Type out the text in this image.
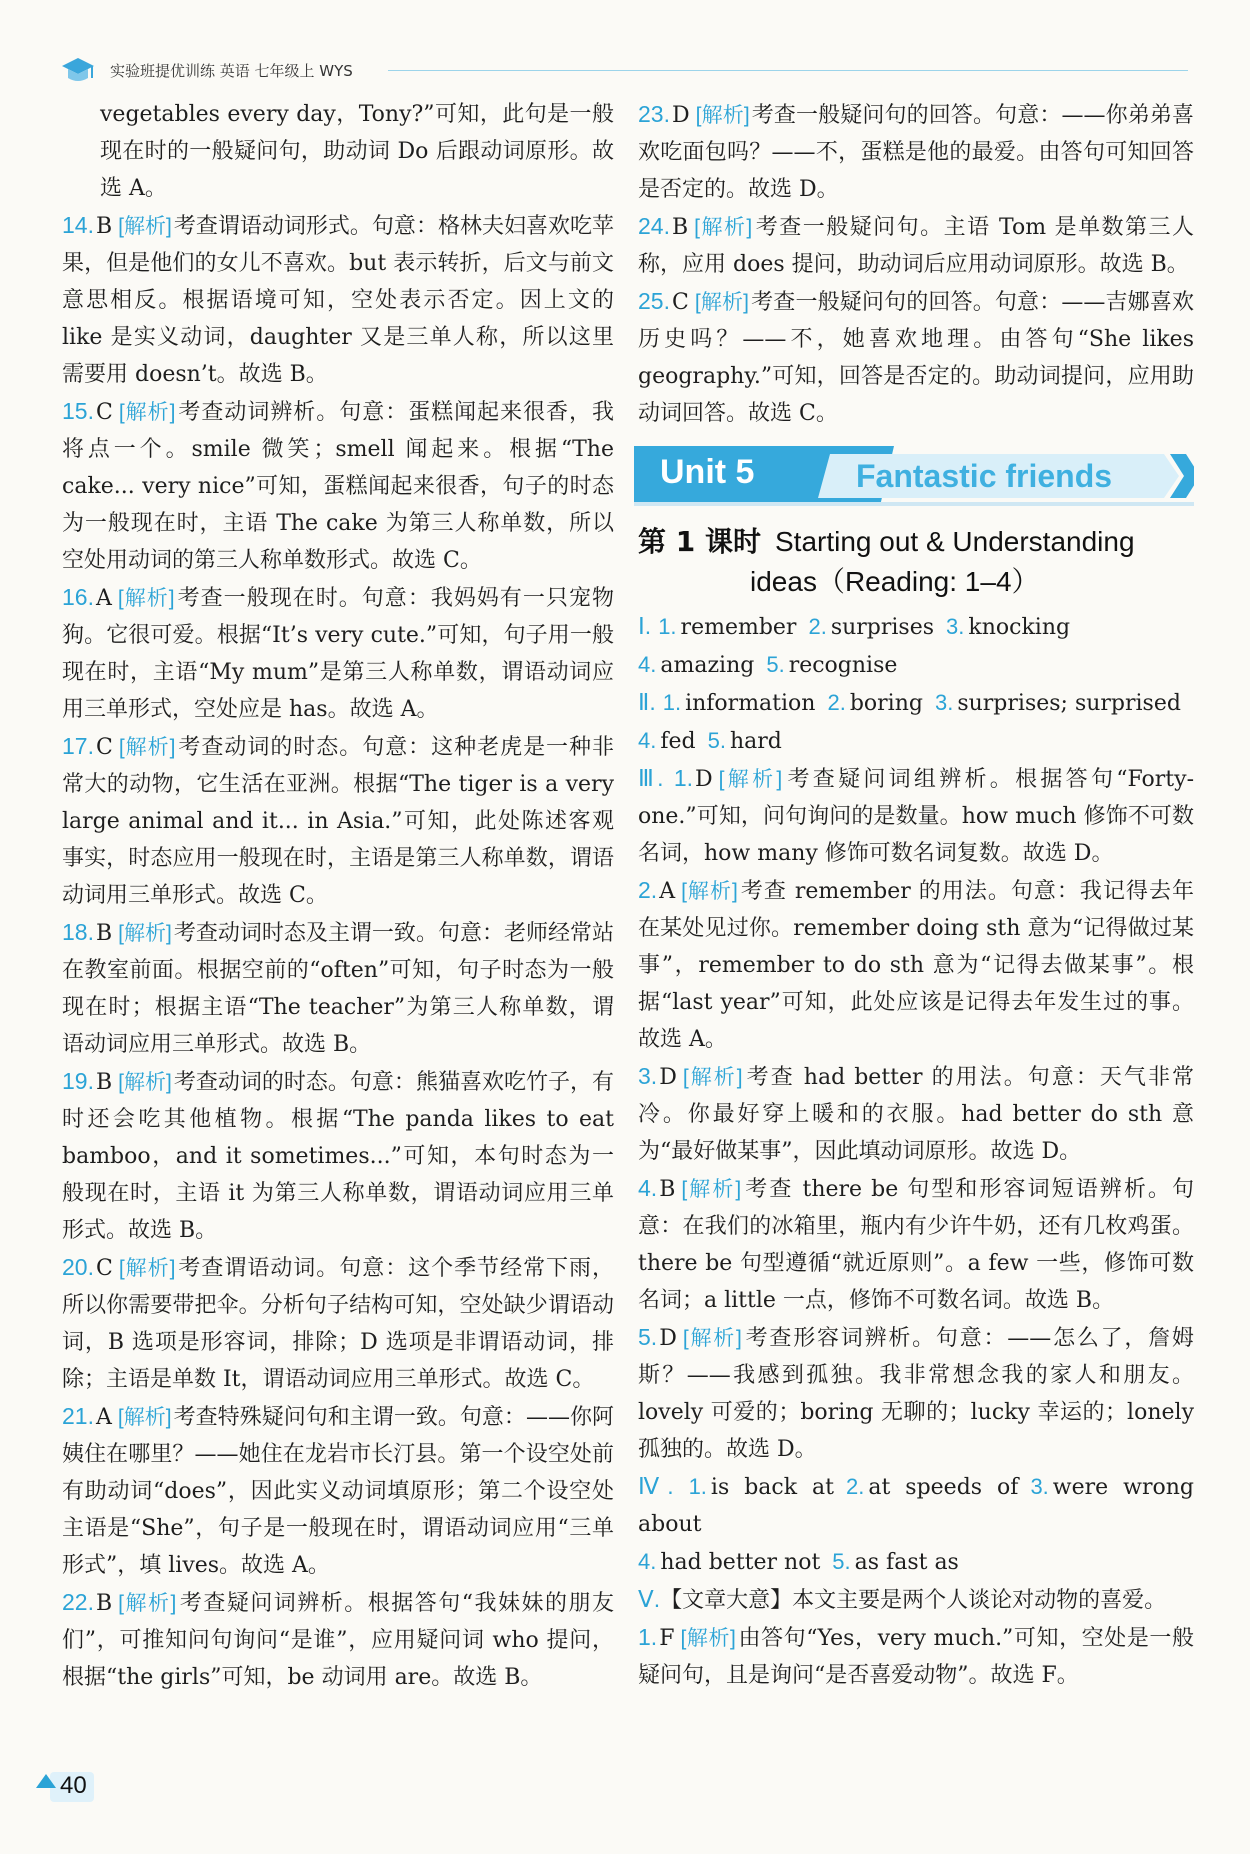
实验班提优训练 英语 七年级上 WYS

vegetables every day，Tony?”可知，此句是一般现在时的一般疑问句，助动词 Do 后跟动词原形。故选 A。

14.B [解析]考查谓语动词形式。句意：格林夫妇喜欢吃苹果，但是他们的女儿不喜欢。but 表示转折，后文与前文意思相反。根据语境可知，空处表示否定。因上文的 like 是实义动词，daughter 又是三单人称，所以这里需要用 doesn’t。故选 B。

15.C [解析]考查动词辨析。句意：蛋糕闻起来很香，我将点一个。smile 微笑；smell 闻起来。根据“The cake... very nice”可知，蛋糕闻起来很香，句子的时态为一般现在时，主语 The cake 为第三人称单数，所以空处用动词的第三人称单数形式。故选 C。

16.A [解析]考查一般现在时。句意：我妈妈有一只宠物狗。它很可爱。根据“It’s very cute.”可知，句子用一般现在时，主语“My mum”是第三人称单数，谓语动词应用三单形式，空处应是 has。故选 A。

17.C [解析]考查动词的时态。句意：这种老虎是一种非常大的动物，它生活在亚洲。根据“The tiger is a very large animal and it... in Asia.”可知，此处陈述客观事实，时态应用一般现在时，主语是第三人称单数，谓语动词用三单形式。故选 C。

18.B [解析]考查动词时态及主谓一致。句意：老师经常站在教室前面。根据空前的“often”可知，句子时态为一般现在时；根据主语“The teacher”为第三人称单数，谓语动词应用三单形式。故选 B。

19.B [解析]考查动词的时态。句意：熊猫喜欢吃竹子，有时还会吃其他植物。根据“The panda likes to eat bamboo，and it sometimes...”可知，本句时态为一般现在时，主语 it 为第三人称单数，谓语动词应用三单形式。故选 B。

20.C [解析]考查谓语动词。句意：这个季节经常下雨，所以你需要带把伞。分析句子结构可知，空处缺少谓语动词，B 选项是形容词，排除；D 选项是非谓语动词，排除；主语是单数 It，谓语动词应用三单形式。故选 C。

21.A [解析]考查特殊疑问句和主谓一致。句意：——你阿姨住在哪里？——她住在龙岩市长汀县。第一个设空处前有助动词“does”，因此实义动词填原形；第二个设空处主语是“She”，句子是一般现在时，谓语动词应用“三单形式”，填 lives。故选 A。

22.B [解析]考查疑问词辨析。根据答句“我妹妹的朋友们”，可推知问句询问“是谁”，应用疑问词 who 提问，根据“the girls”可知，be 动词用 are。故选 B。

23.D [解析]考查一般疑问句的回答。句意：——你弟弟喜欢吃面包吗？——不，蛋糕是他的最爱。由答句可知回答是否定的。故选 D。

24.B [解析]考查一般疑问句。主语 Tom 是单数第三人称，应用 does 提问，助动词后应用动词原形。故选 B。

25.C [解析]考查一般疑问句的回答。句意：——吉娜喜欢历史吗？——不，她喜欢地理。由答句“She likes geography.”可知，回答是否定的。助动词提问，应用助动词回答。故选 C。

Unit 5	Fantastic friends
第 1 课时 Starting out & Understanding
ideas（Reading: 1–4）

Ⅰ. 1. remember 2. surprises 3. knocking

4. amazing 5. recognise

Ⅱ. 1. information 2. boring 3. surprises; surprised

4. fed 5. hard

Ⅲ. 1.D [解析]考查疑问词组辨析。根据答句“Forty-one.”可知，问句询问的是数量。how much 修饰不可数名词，how many 修饰可数名词复数。故选 D。

2.A [解析]考查 remember 的用法。句意：我记得去年在某处见过你。remember doing sth 意为“记得做过某事”，remember to do sth 意为“记得去做某事”。根据“last year”可知，此处应该是记得去年发生过的事。故选 A。

3.D [解析]考查 had better 的用法。句意：天气非常冷。你最好穿上暖和的衣服。had better do sth 意为“最好做某事”，因此填动词原形。故选 D。

4.B [解析]考查 there be 句型和形容词短语辨析。句意：在我们的冰箱里，瓶内有少许牛奶，还有几枚鸡蛋。there be 句型遵循“就近原则”。a few 一些，修饰可数名词；a little 一点，修饰不可数名词。故选 B。

5.D [解析]考查形容词辨析。句意：——怎么了，詹姆斯？——我感到孤独。我非常想念我的家人和朋友。lovely 可爱的；boring 无聊的；lucky 幸运的；lonely 孤独的。故选 D。

Ⅳ. 1. is back at 2. at speeds of 3. were wrong about

4. had better not 5. as fast as

Ⅴ.【文章大意】本文主要是两个人谈论对动物的喜爱。

1.F [解析]由答句“Yes，very much.”可知，空处是一般疑问句，且是询问“是否喜爱动物”。故选 F。

40
